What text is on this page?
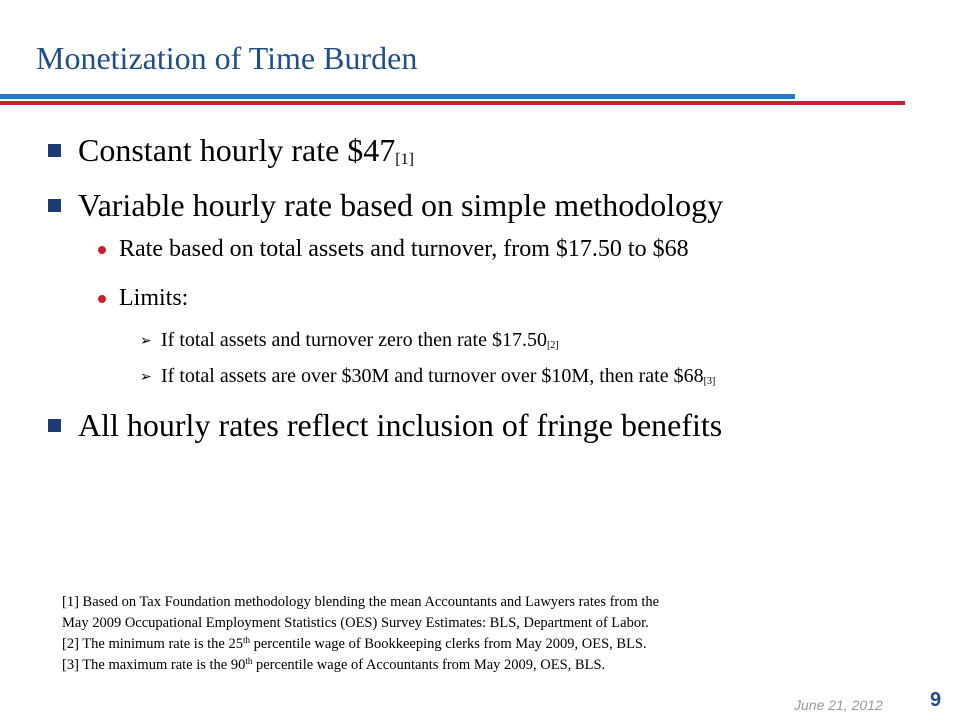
Monetization of Time Burden
Constant hourly rate $\$47_{[1]}$
Variable hourly rate based on simple methodology
Rate based on total assets and turnover, from $17.50 to $68
Limits:
➢ If total assets and turnover zero then rate $\$17.50_{[2]}$
➢ If total assets are over $30M and turnover over $10M, then rate $\$68_{[3]}$
All hourly rates reflect inclusion of fringe benefits
[1] Based on Tax Foundation methodology blending the mean Accountants and Lawyers rates from the
May 2009 Occupational Employment Statistics (OES) Survey Estimates: BLS, Department of Labor.
[2] The minimum rate is the 25th percentile wage of Bookkeeping clerks from May 2009, OES, BLS.
[3] The maximum rate is the 90th percentile wage of Accountants from May 2009, OES, BLS.
June 21, 2012 9
